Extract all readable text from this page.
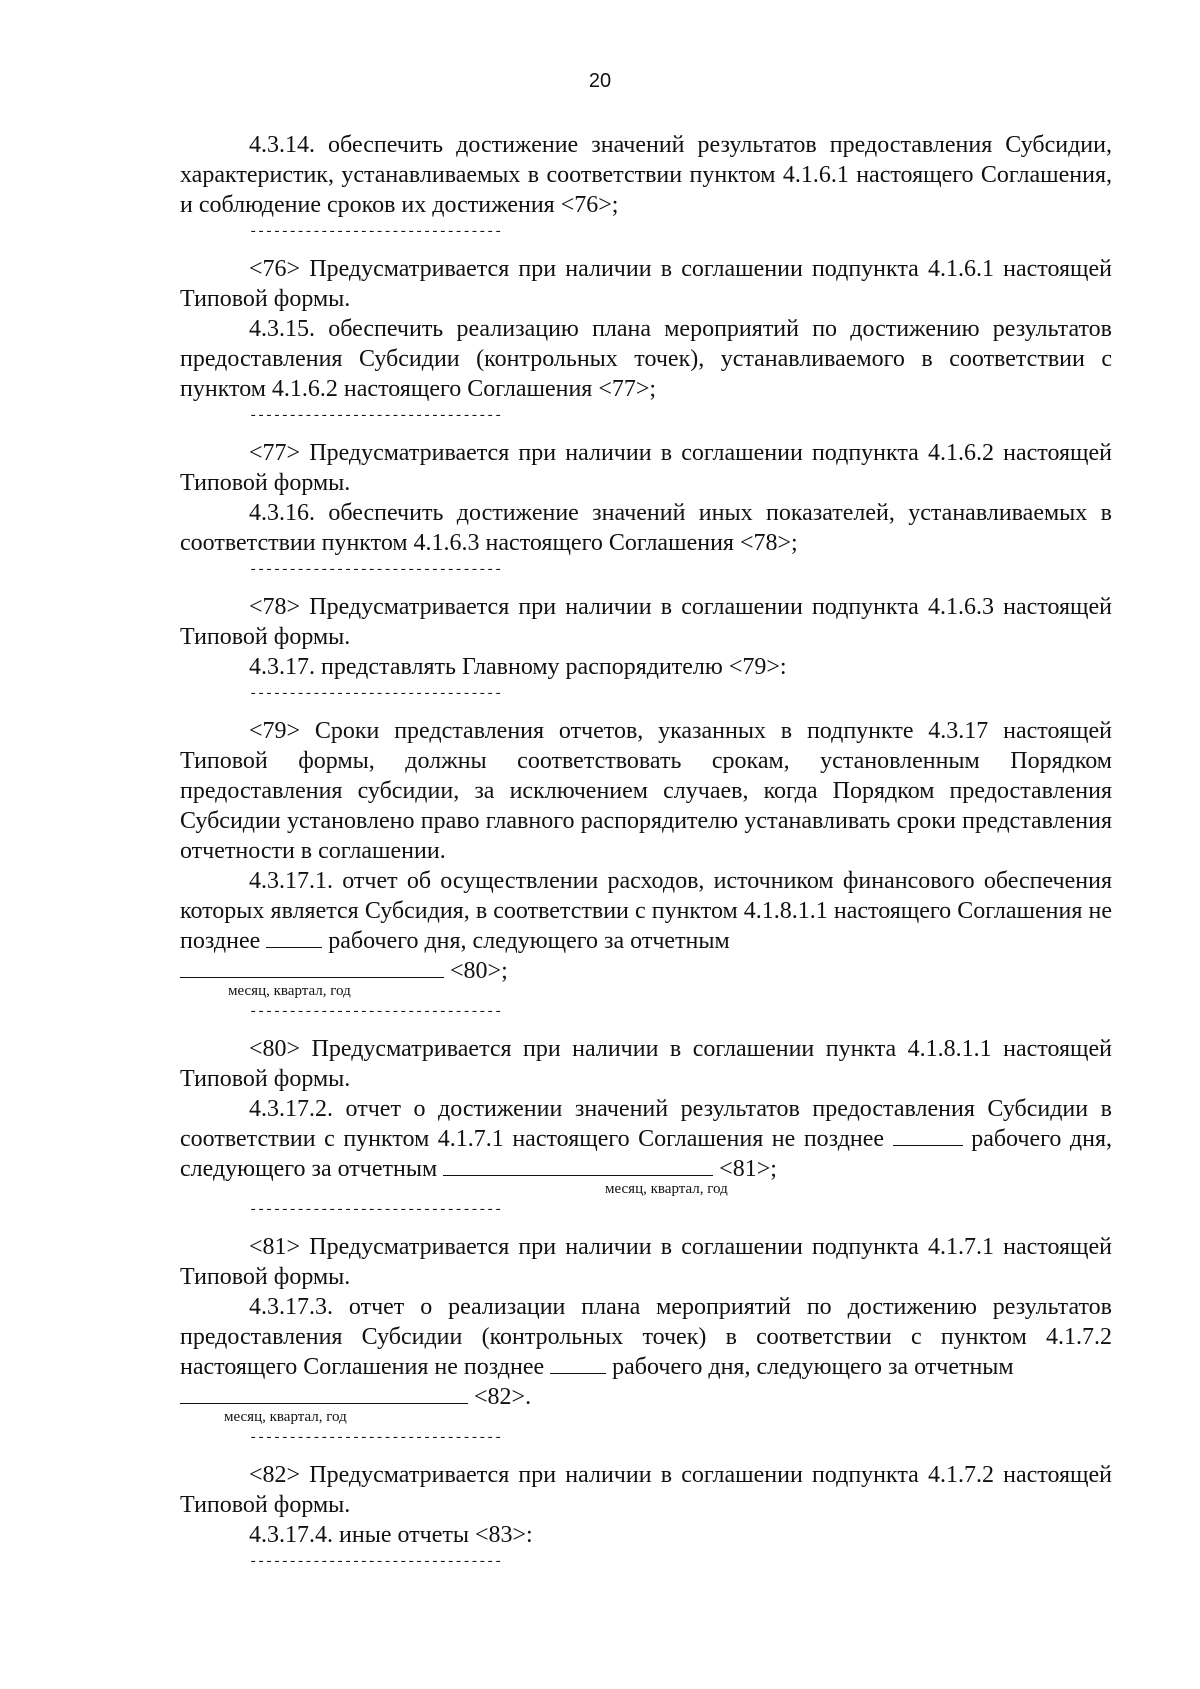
20

4.3.14. обеспечить достижение значений результатов предоставления Субсидии, характеристик, устанавливаемых в соответствии пунктом 4.1.6.1 настоящего Соглашения, и соблюдение сроков их достижения <76>;

--------------------------------

<76> Предусматривается при наличии в соглашении подпункта 4.1.6.1 настоящей Типовой формы.

4.3.15. обеспечить реализацию плана мероприятий по достижению результатов предоставления Субсидии (контрольных точек), устанавливаемого в соответствии с пунктом 4.1.6.2 настоящего Соглашения <77>;

--------------------------------

<77> Предусматривается при наличии в соглашении подпункта 4.1.6.2 настоящей Типовой формы.

4.3.16. обеспечить достижение значений иных показателей, устанавливаемых в соответствии пунктом 4.1.6.3 настоящего Соглашения <78>;

--------------------------------

<78> Предусматривается при наличии в соглашении подпункта 4.1.6.3 настоящей Типовой формы.

4.3.17. представлять Главному распорядителю <79>:

--------------------------------

<79> Сроки представления отчетов, указанных в подпункте 4.3.17 настоящей Типовой формы, должны соответствовать срокам, установленным Порядком предоставления субсидии, за исключением случаев, когда Порядком предоставления Субсидии установлено право главного распорядителю устанавливать сроки представления отчетности в соглашении.

4.3.17.1. отчет об осуществлении расходов, источником финансового обеспечения которых является Субсидия, в соответствии с пунктом 4.1.8.1.1 настоящего Соглашения не позднее	рабочего дня, следующего за отчетным

<80>;

месяц, квартал, год
--------------------------------

<80> Предусматривается при наличии в соглашении пункта 4.1.8.1.1 настоящей Типовой формы.

4.3.17.2. отчет о достижении значений результатов предоставления Субсидии в соответствии с пунктом 4.1.7.1 настоящего Соглашения не позднее	рабочего дня, следующего за отчетным	<81>;

месяц, квартал, год
--------------------------------

<81> Предусматривается при наличии в соглашении подпункта 4.1.7.1 настоящей Типовой формы.

4.3.17.3. отчет о реализации плана мероприятий по достижению результатов предоставления Субсидии (контрольных точек) в соответствии с пунктом 4.1.7.2 настоящего Соглашения не позднее	рабочего дня, следующего за отчетным

<82>.

месяц, квартал, год
--------------------------------

<82> Предусматривается при наличии в соглашении подпункта 4.1.7.2 настоящей Типовой формы.

4.3.17.4. иные отчеты <83>:

--------------------------------
